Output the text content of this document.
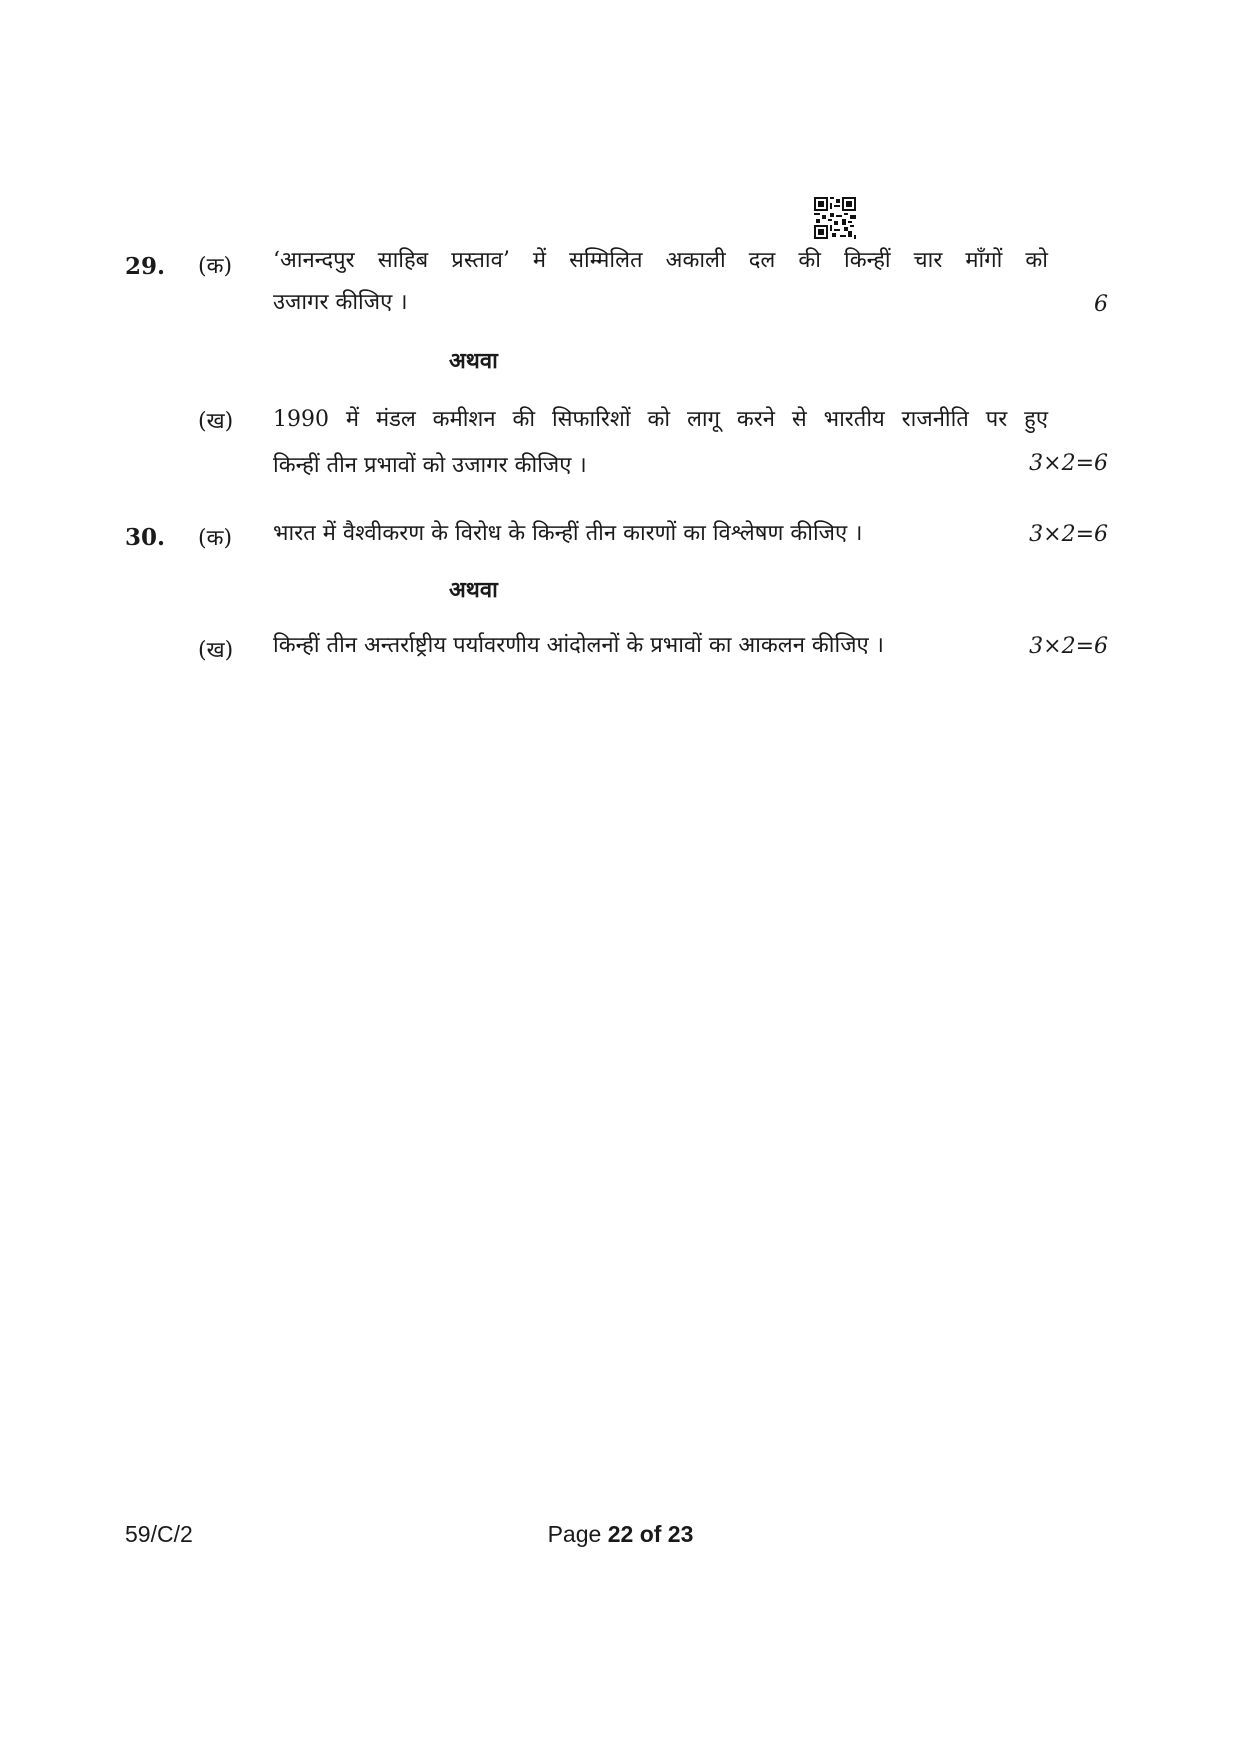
29. (क) ‘आनन्दपुर साहिब प्रस्ताव’ में सम्मिलित अकाली दल की किन्हीं चार माँगों को
उजागर कीजिए ।	6
अथवा
(ख) 1990 में मंडल कमीशन की सिफारिशों को लागू करने से भारतीय राजनीति पर हुए
किन्हीं तीन प्रभावों को उजागर कीजिए ।	3×2=6
30. (क) भारत में वैश्वीकरण के विरोध के किन्हीं तीन कारणों का विश्लेषण कीजिए ।	3×2=6
अथवा
(ख) किन्हीं तीन अन्तर्राष्ट्रीय पर्यावरणीय आंदोलनों के प्रभावों का आकलन कीजिए ।	3×2=6
59/C/2	Page 22 of 23
